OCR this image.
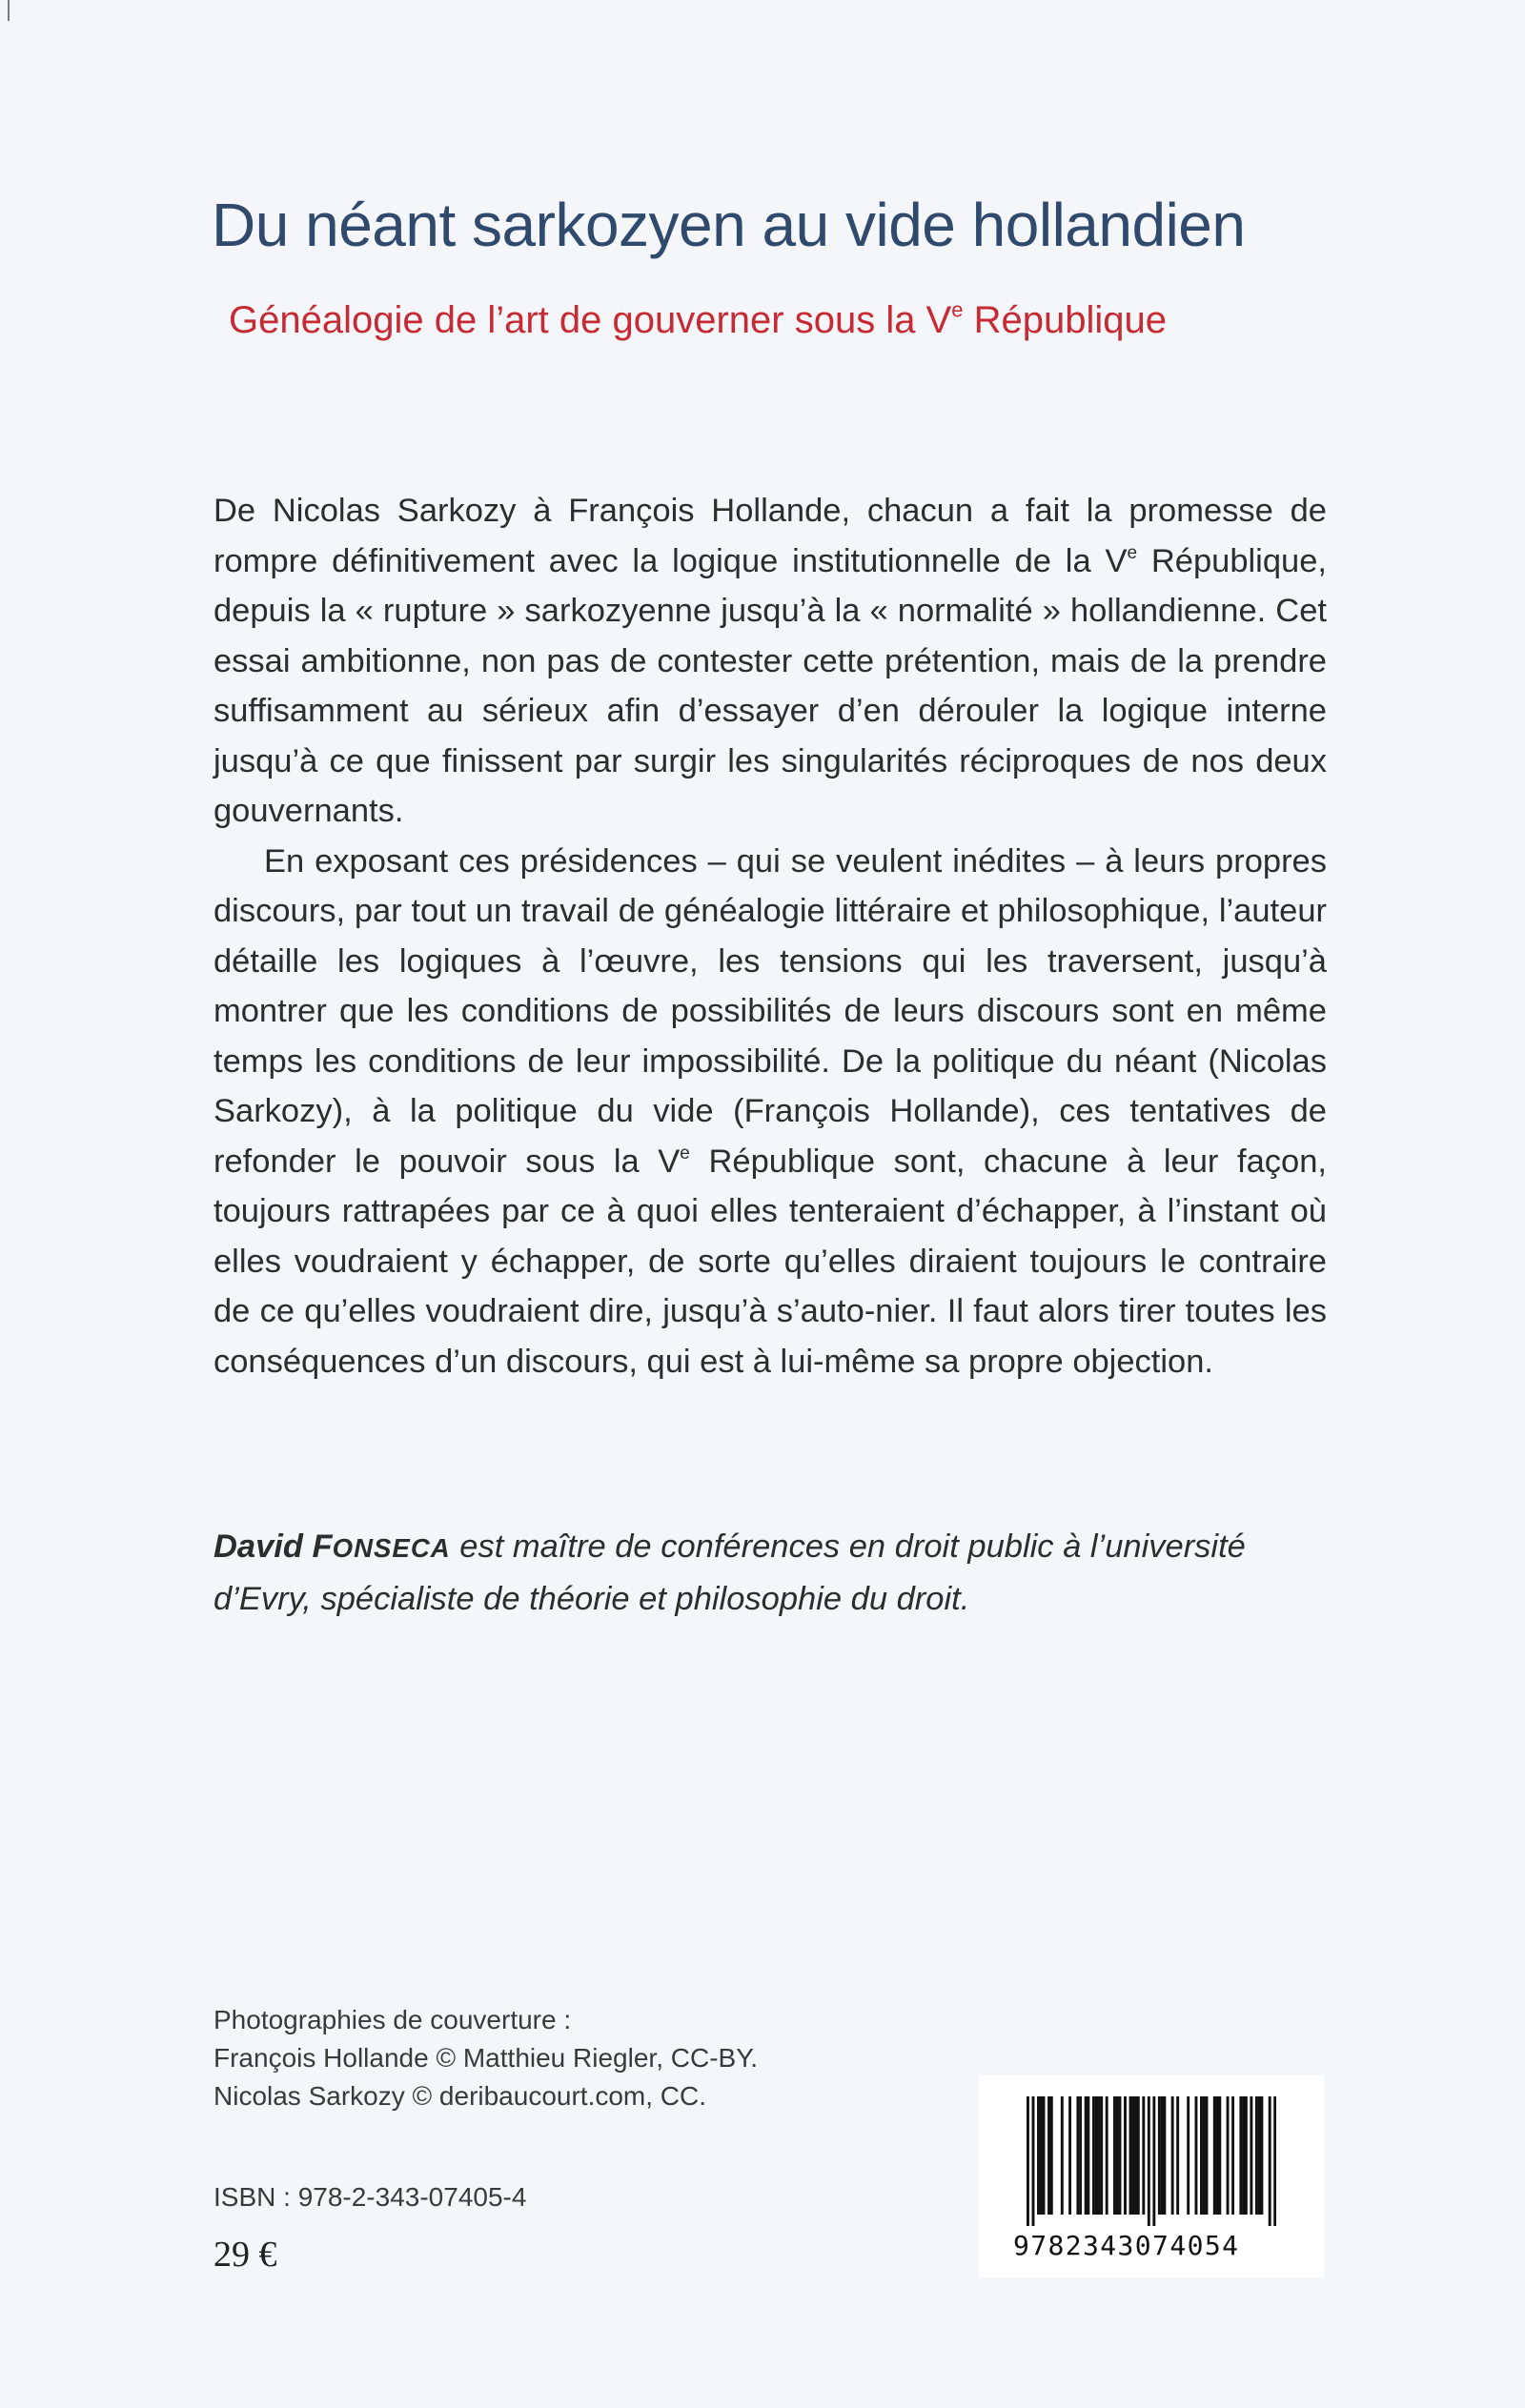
Du néant sarkozyen au vide hollandien
Généalogie de l’art de gouverner sous la Ve République

De Nicolas Sarkozy à François Hollande, chacun a fait la promesse de rompre définitivement avec la logique institutionnelle de la Ve République, depuis la « rupture » sarkozyenne jusqu’à la « normalité » hollandienne. Cet essai ambitionne, non pas de contester cette prétention, mais de la prendre suffisamment au sérieux afin d’essayer d’en dérouler la logique interne jusqu’à ce que finissent par surgir les singularités réciproques de nos deux gouvernants.

En exposant ces présidences – qui se veulent inédites – à leurs propres discours, par tout un travail de généalogie littéraire et philosophique, l’auteur détaille les logiques à l’œuvre, les tensions qui les traversent, jusqu’à montrer que les conditions de possibilités de leurs discours sont en même temps les conditions de leur impossibilité. De la politique du néant (Nicolas Sarkozy), à la politique du vide (François Hollande), ces tentatives de refonder le pouvoir sous la Ve République sont, chacune à leur façon, toujours rattrapées par ce à quoi elles tenteraient d’échapper, à l’instant où elles voudraient y échapper, de sorte qu’elles diraient toujours le contraire de ce qu’elles voudraient dire, jusqu’à s’auto-nier. Il faut alors tirer toutes les conséquences d’un discours, qui est à lui-même sa propre objection.

David FONSECA est maître de conférences en droit public à l’université d’Evry, spécialiste de théorie et philosophie du droit.

Photographies de couverture :
François Hollande © Matthieu Riegler, CC-BY.
Nicolas Sarkozy © deribaucourt.com, CC.
ISBN : 978-2-343-07405-4
29 €	9782343074054
